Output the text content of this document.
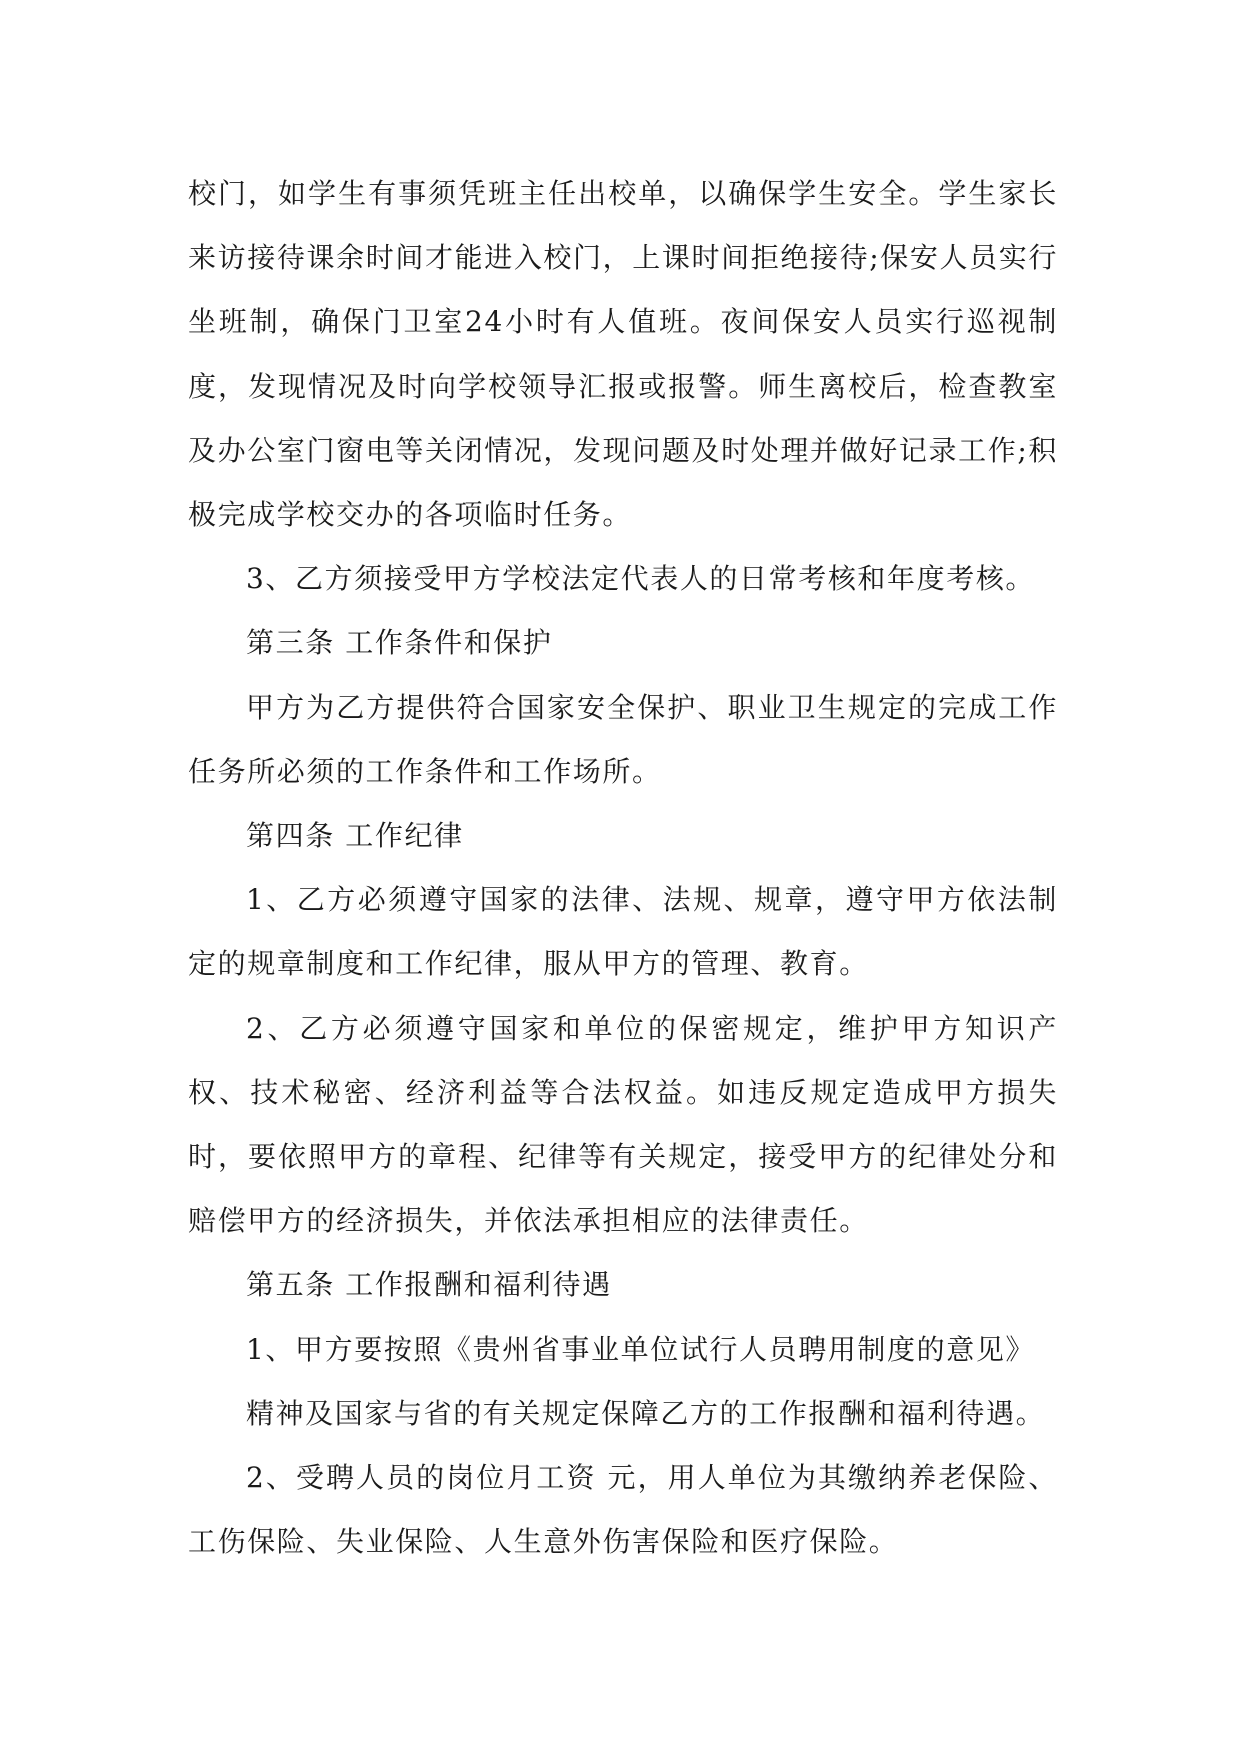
校门，如学生有事须凭班主任出校单，以确保学生安全。学生家长来访接待课余时间才能进入校门，上课时间拒绝接待;保安人员实行坐班制，确保门卫室24小时有人值班。夜间保安人员实行巡视制度，发现情况及时向学校领导汇报或报警。师生离校后，检查教室及办公室门窗电等关闭情况，发现问题及时处理并做好记录工作;积极完成学校交办的各项临时任务。

3、乙方须接受甲方学校法定代表人的日常考核和年度考核。

第三条 工作条件和保护

甲方为乙方提供符合国家安全保护、职业卫生规定的完成工作任务所必须的工作条件和工作场所。

第四条 工作纪律

1、乙方必须遵守国家的法律、法规、规章，遵守甲方依法制定的规章制度和工作纪律，服从甲方的管理、教育。

2、乙方必须遵守国家和单位的保密规定，维护甲方知识产权、技术秘密、经济利益等合法权益。如违反规定造成甲方损失时，要依照甲方的章程、纪律等有关规定，接受甲方的纪律处分和赔偿甲方的经济损失，并依法承担相应的法律责任。

第五条 工作报酬和福利待遇

1、甲方要按照《贵州省事业单位试行人员聘用制度的意见》

精神及国家与省的有关规定保障乙方的工作报酬和福利待遇。

2、受聘人员的岗位月工资 元，用人单位为其缴纳养老保险、工伤保险、失业保险、人生意外伤害保险和医疗保险。
